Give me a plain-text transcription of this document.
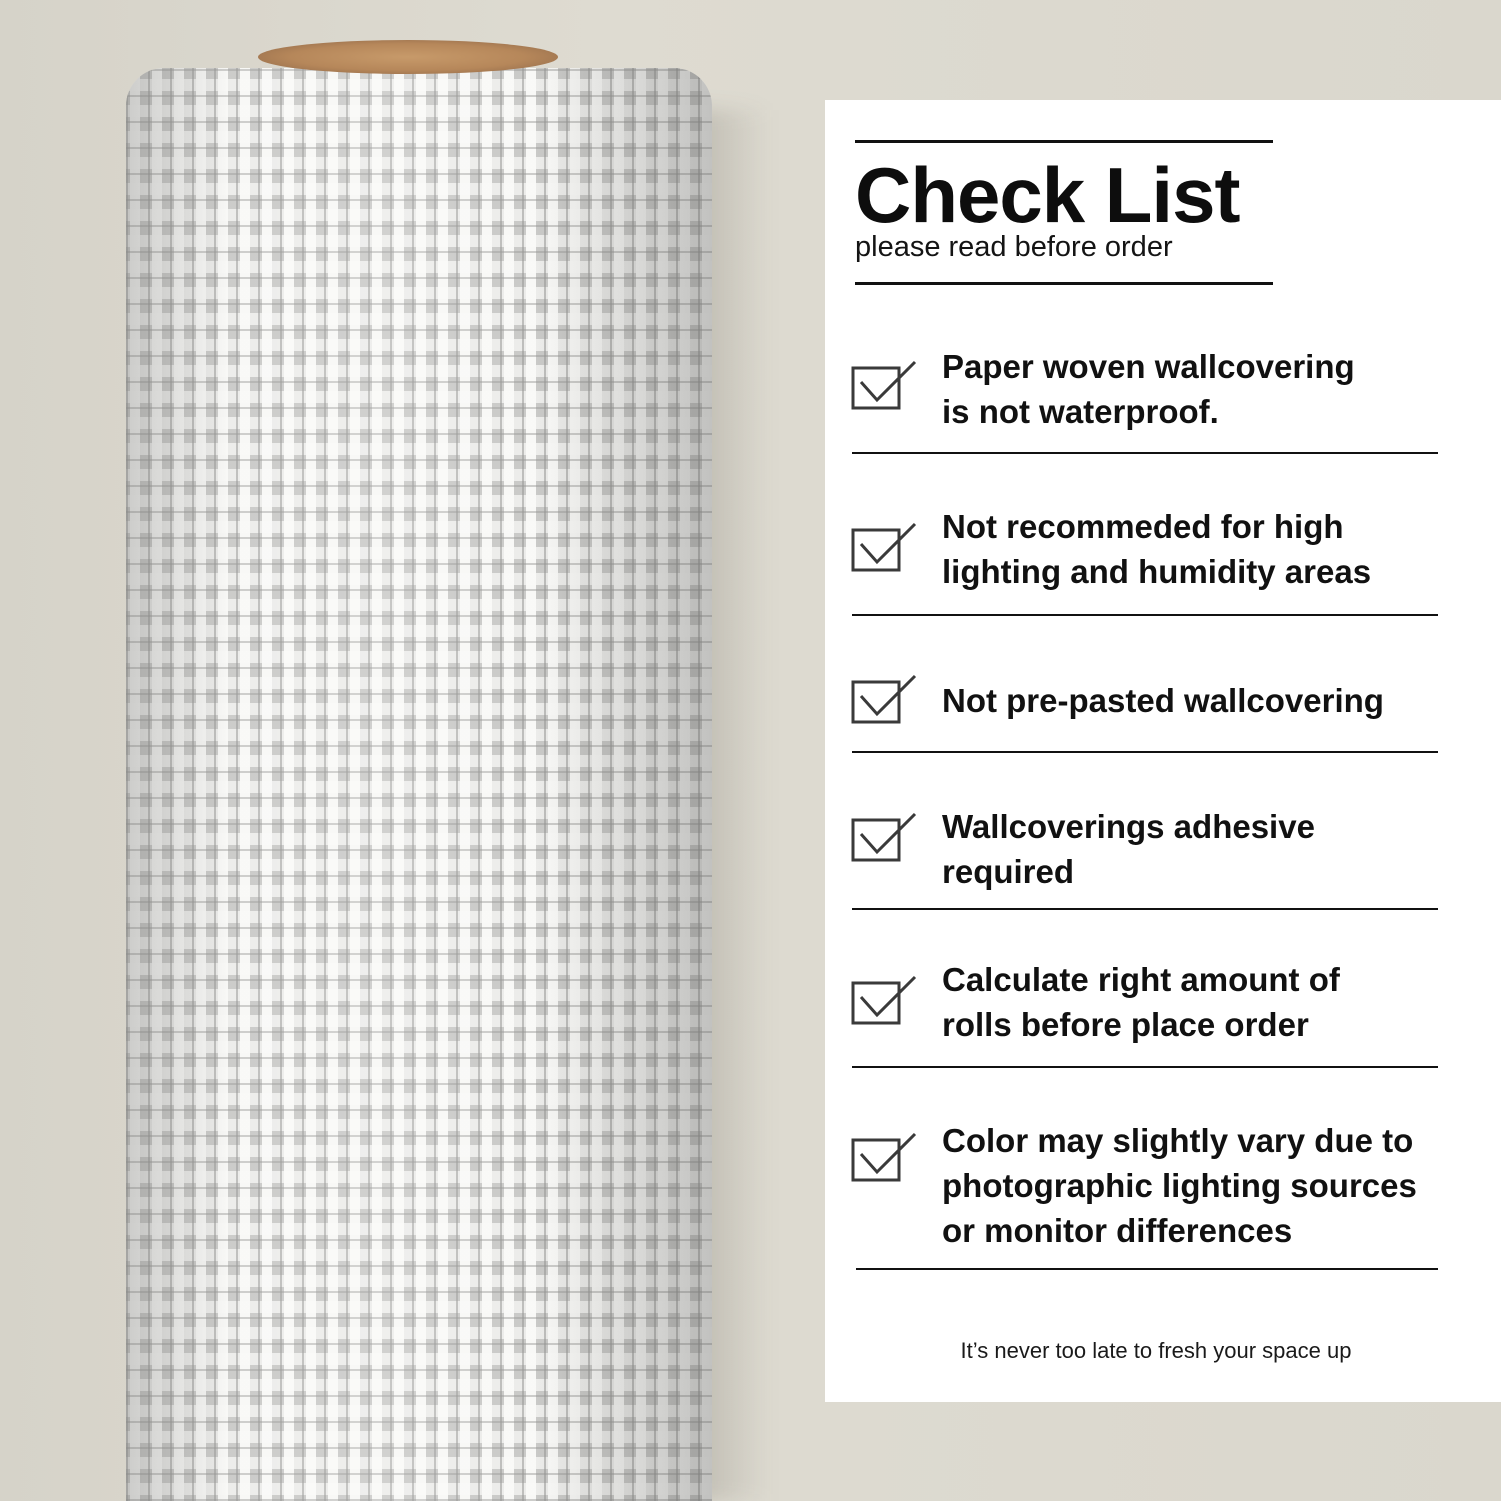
Check List
please read before order

Paper woven wallcovering
is not waterproof.

Not recommeded for high
lighting and humidity areas

Not pre-pasted wallcovering

Wallcoverings adhesive
required

Calculate right amount of
rolls before place order

Color may slightly vary due to
photographic lighting sources
or monitor differences

It’s never too late to fresh your space up
